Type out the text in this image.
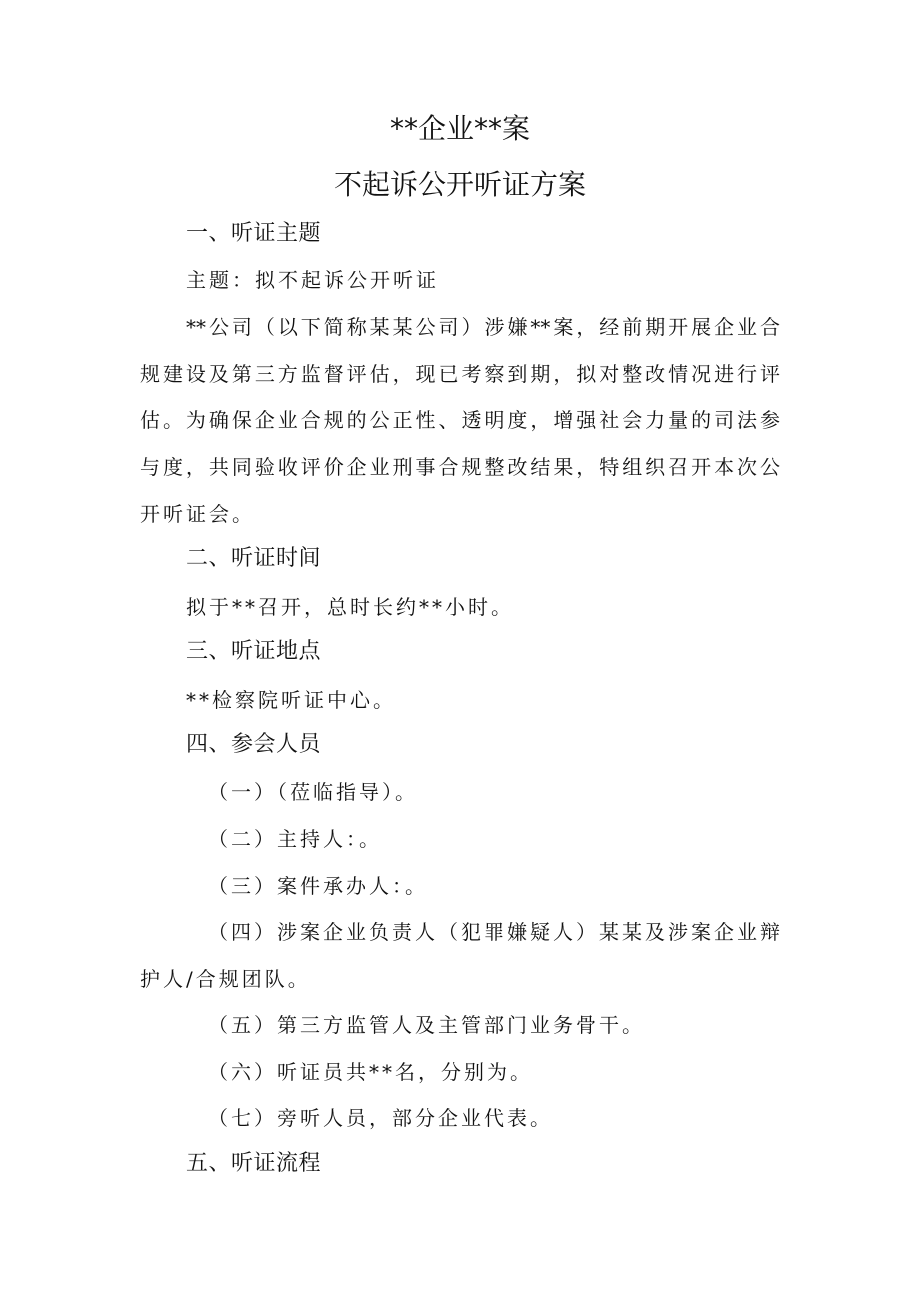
**企业**案
不起诉公开听证方案
一、听证主题

主题：拟不起诉公开听证

**公司（以下简称某某公司）涉嫌**案，经前期开展企业合

规建设及第三方监督评估，现已考察到期，拟对整改情况进行评

估。为确保企业合规的公正性、透明度，增强社会力量的司法参

与度，共同验收评价企业刑事合规整改结果，特组织召开本次公

开听证会。

二、听证时间

拟于**召开，总时长约**小时。

三、听证地点

**检察院听证中心。

四、参会人员

（一）（莅临指导）。

（二）主持人：。

（三）案件承办人：。

（四）涉案企业负责人（犯罪嫌疑人）某某及涉案企业辩

护人/合规团队。

（五）第三方监管人及主管部门业务骨干。

（六）听证员共**名，分别为。

（七）旁听人员，部分企业代表。

五、听证流程
